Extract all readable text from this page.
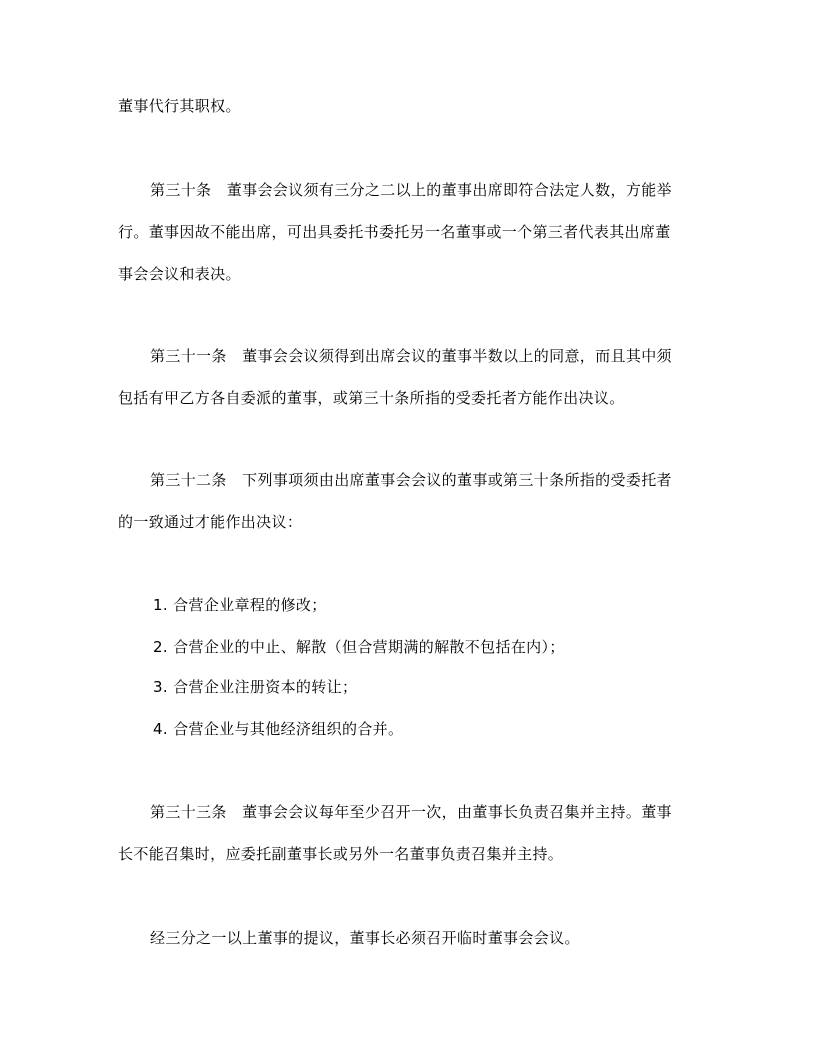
董事代行其职权。
第三十条　董事会会议须有三分之二以上的董事出席即符合法定人数，方能举
行。董事因故不能出席，可出具委托书委托另一名董事或一个第三者代表其出席董
事会会议和表决。
第三十一条　董事会会议须得到出席会议的董事半数以上的同意，而且其中须
包括有甲乙方各自委派的董事，或第三十条所指的受委托者方能作出决议。
第三十二条　下列事项须由出席董事会会议的董事或第三十条所指的受委托者
的一致通过才能作出决议：
1. 合营企业章程的修改；
2. 合营企业的中止、解散（但合营期满的解散不包括在内）；
3. 合营企业注册资本的转让；
4. 合营企业与其他经济组织的合并。
第三十三条　董事会会议每年至少召开一次，由董事长负责召集并主持。董事
长不能召集时，应委托副董事长或另外一名董事负责召集并主持。
经三分之一以上董事的提议，董事长必须召开临时董事会会议。
